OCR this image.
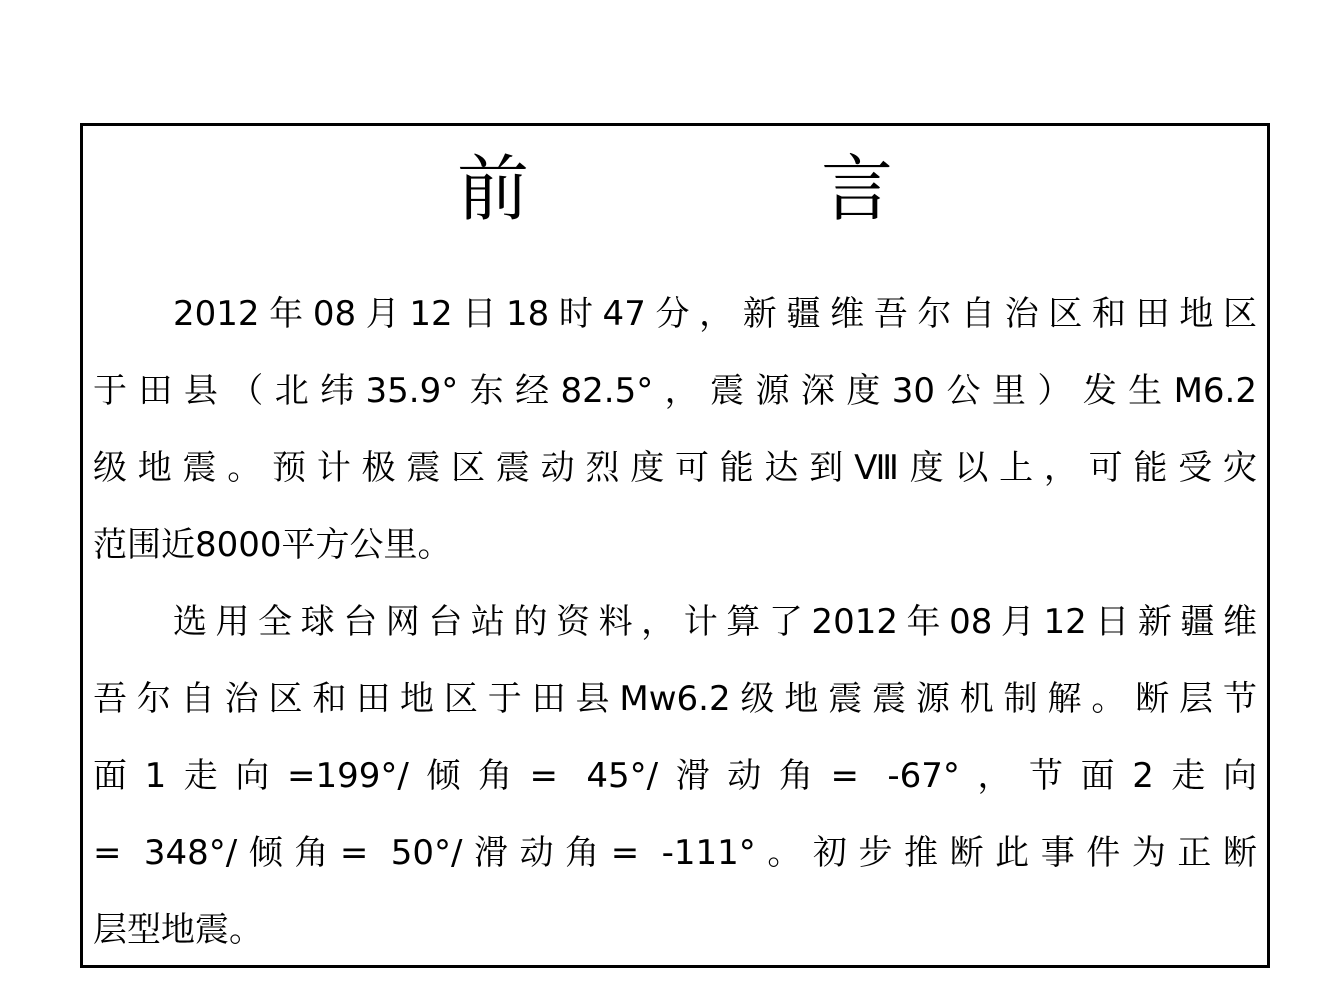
前　言
2012年08月12日18时47分，新疆维吾尔自治区和田地区
于田县（北纬35.9°东经82.5°，震源深度30公里）发生M6.2
级地震。预计极震区震动烈度可能达到Ⅷ度以上，可能受灾
范围近8000平方公里。
选用全球台网台站的资料，计算了2012年08月12日新疆维
吾尔自治区和田地区于田县Mw6.2级地震震源机制解。断层节
面1走向=199°/倾角= 45°/滑动角= -67°，节面2走向
= 348°/倾角= 50°/滑动角= -111°。初步推断此事件为正断
层型地震。
